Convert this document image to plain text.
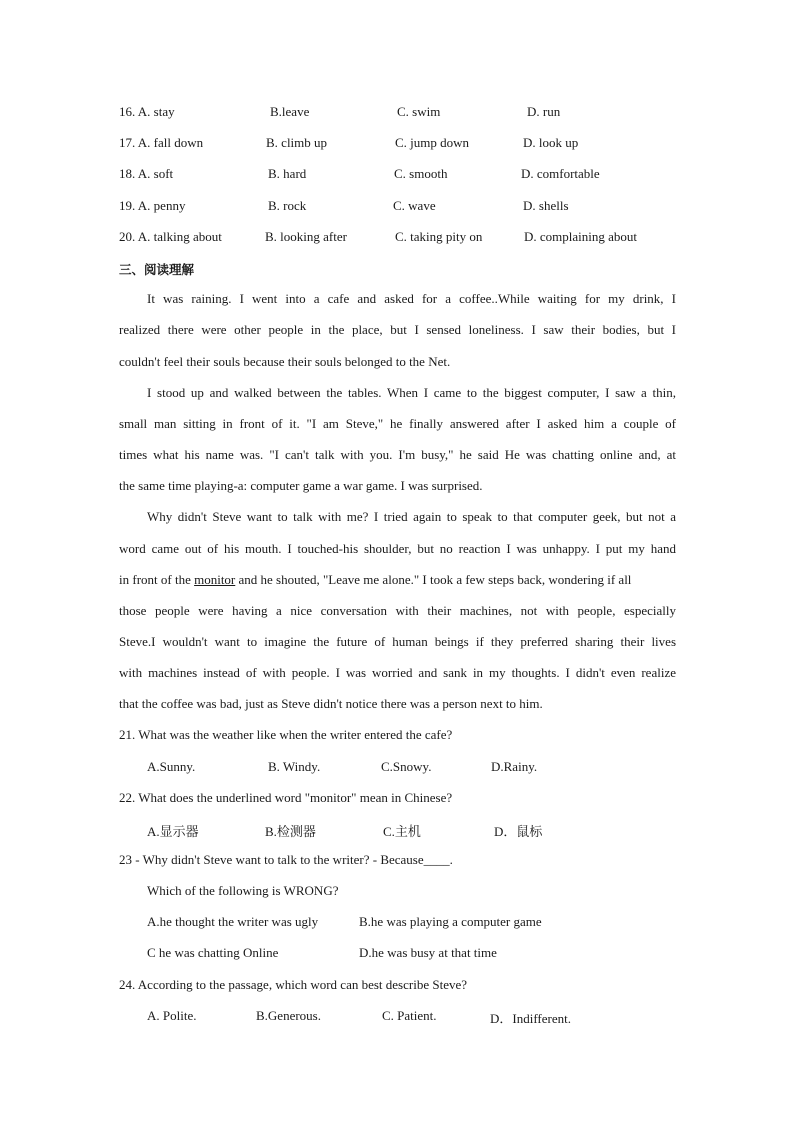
16. A. stay	B.leave	C. swim	D. run
17. A. fall down	B. climb up	C. jump down	D. look up
18. A. soft	B. hard	C. smooth	D. comfortable
19. A. penny	B. rock	C. wave	D. shells
20. A. talking about	B. looking after	C. taking pity on	D. complaining about
三、阅读理解
It was raining. I went into a cafe and asked for a coffee..While waiting for my drink, I
realized there were other people in the place, but I sensed loneliness. I saw their bodies, but I
couldn't feel their souls because their souls belonged to the Net.
I stood up and walked between the tables. When I came to the biggest computer, I saw a thin,
small man sitting in front of it. "I am Steve," he finally answered after I asked him a couple of
times what his name was. "I can't talk with you. I'm busy," he said He was chatting online and, at
the same time playing-a: computer game a war game. I was surprised.
Why didn't Steve want to talk with me? I tried again to speak to that computer geek, but not a
word came out of his mouth. I touched-his shoulder, but no reaction I was unhappy. I put my hand
in front of the monitor and he shouted, "Leave me alone." I took a few steps back, wondering if all
those people were having a nice conversation with their machines, not with people, especially
Steve.I wouldn't want to imagine the future of human beings if they preferred sharing their lives
with machines instead of with people. I was worried and sank in my thoughts. I didn't even realize
that the coffee was bad, just as Steve didn't notice there was a person next to him.
21. What was the weather like when the writer entered the cafe?
A.Sunny.	B. Windy.	C.Snowy.	D.Rainy.
22. What does the underlined word "monitor" mean in Chinese?
A.显示器	B.检测器	C.主机	D．鼠标
23 - Why didn't Steve want to talk to the writer? - Because____.
Which of the following is WRONG?
A.he thought the writer was ugly	B.he was playing a computer game
C he was chatting Online	D.he was busy at that time
24. According to the passage, which word can best describe Steve?
A. Polite.	B.Generous.	C. Patient.	D．Indifferent.
